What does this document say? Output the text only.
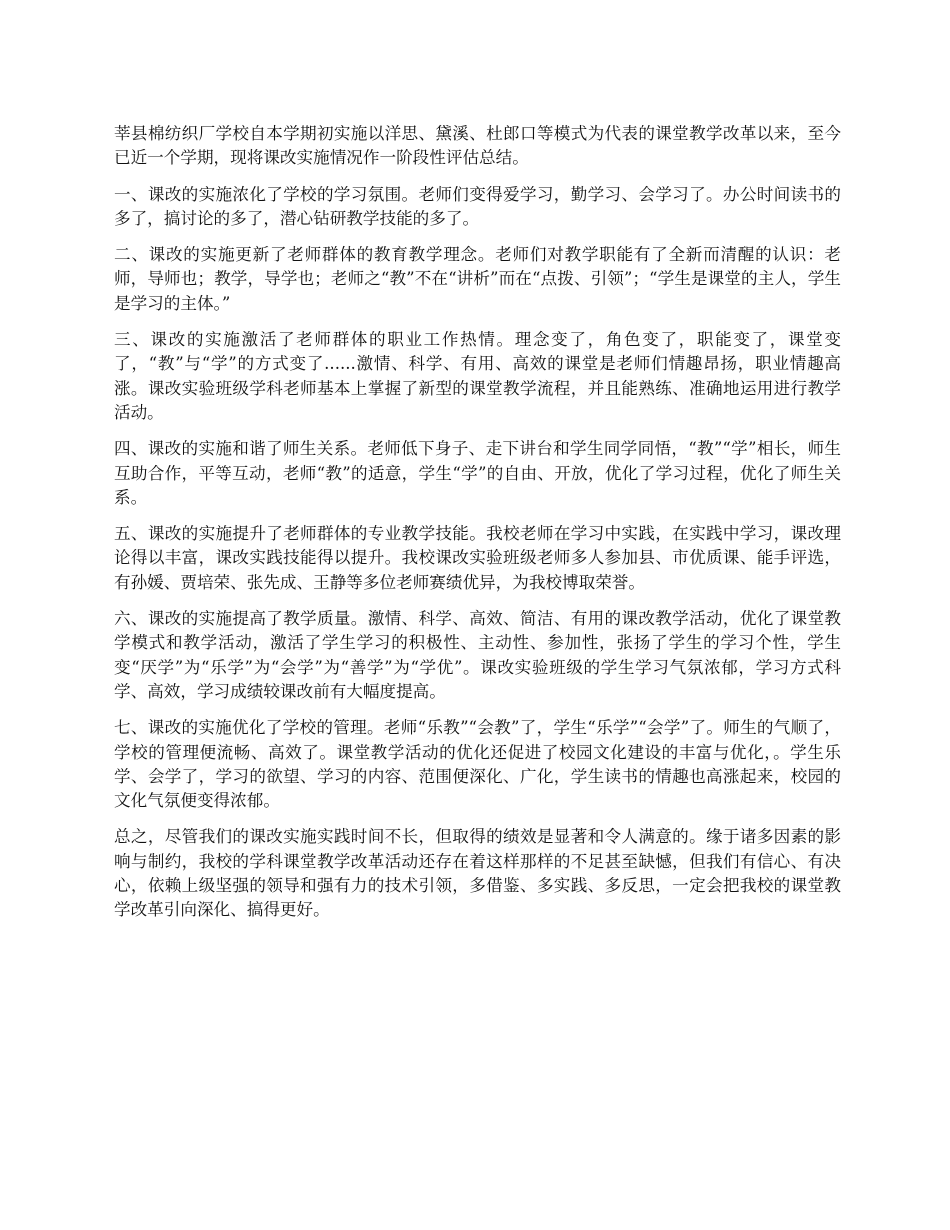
莘县棉纺织厂学校自本学期初实施以洋思、黛溪、杜郎口等模式为代表的课堂教学改革以来，至今已近一个学期，现将课改实施情况作一阶段性评估总结。

一、课改的实施浓化了学校的学习氛围。老师们变得爱学习，勤学习、会学习了。办公时间读书的多了，搞讨论的多了，潜心钻研教学技能的多了。

二、课改的实施更新了老师群体的教育教学理念。老师们对教学职能有了全新而清醒的认识：老师，导师也；教学，导学也；老师之“教”不在“讲析”而在“点拨、引领”；“学生是课堂的主人，学生是学习的主体。”

三、课改的实施激活了老师群体的职业工作热情。理念变了，角色变了，职能变了，课堂变了，“教”与“学”的方式变了......激情、科学、有用、高效的课堂是老师们情趣昂扬，职业情趣高涨。课改实验班级学科老师基本上掌握了新型的课堂教学流程，并且能熟练、准确地运用进行教学活动。

四、课改的实施和谐了师生关系。老师低下身子、走下讲台和学生同学同悟，“教”“学”相长，师生互助合作，平等互动，老师“教”的适意，学生“学”的自由、开放，优化了学习过程，优化了师生关系。

五、课改的实施提升了老师群体的专业教学技能。我校老师在学习中实践，在实践中学习，课改理论得以丰富，课改实践技能得以提升。我校课改实验班级老师多人参加县、市优质课、能手评选，有孙媛、贾培荣、张先成、王静等多位老师赛绩优异，为我校博取荣誉。

六、课改的实施提高了教学质量。激情、科学、高效、简洁、有用的课改教学活动，优化了课堂教学模式和教学活动，激活了学生学习的积极性、主动性、参加性，张扬了学生的学习个性，学生变“厌学”为“乐学”为“会学”为“善学”为“学优”。课改实验班级的学生学习气氛浓郁，学习方式科学、高效，学习成绩较课改前有大幅度提高。

七、课改的实施优化了学校的管理。老师“乐教”“会教”了，学生“乐学”“会学”了。师生的气顺了，学校的管理便流畅、高效了。课堂教学活动的优化还促进了校园文化建设的丰富与优化，。学生乐学、会学了，学习的欲望、学习的内容、范围便深化、广化，学生读书的情趣也高涨起来，校园的文化气氛便变得浓郁。

总之，尽管我们的课改实施实践时间不长，但取得的绩效是显著和令人满意的。缘于诸多因素的影响与制约，我校的学科课堂教学改革活动还存在着这样那样的不足甚至缺憾，但我们有信心、有决心，依赖上级坚强的领导和强有力的技术引领，多借鉴、多实践、多反思，一定会把我校的课堂教学改革引向深化、搞得更好。
